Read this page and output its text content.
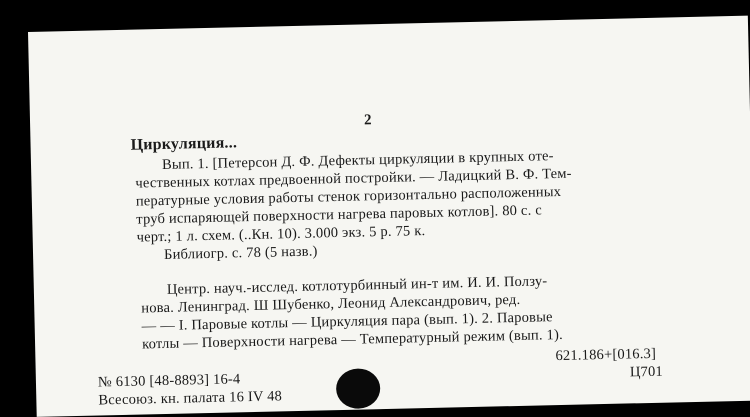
2
Циркуляция...
Вып. 1. [Петерсон Д. Ф. Дефекты циркуляции в крупных оте-
чественных котлах предвоенной постройки. — Ладицкий В. Ф. Тем-
пературные условия работы стенок горизонтально расположенных
труб испаряющей поверхности нагрева паровых котлов]. 80 с. с
черт.; 1 л. схем. (..Кн. 10). 3.000 экз. 5 р. 75 к.
Библиогр. с. 78 (5 назв.)
Центр. науч.-исслед. котлотурбинный ин-т им. И. И. Ползу-
нова. Ленинград. Ш Шубенко, Леонид Александрович, ред.
— — I. Паровые котлы — Циркуляция пара (вып. 1). 2. Паровые
котлы — Поверхности нагрева — Температурный режим (вып. 1).
№ 6130 [48-8893] 16-4
Всесоюз. кн. палата 16 IV 48
621.186+[016.3]
Ц701
